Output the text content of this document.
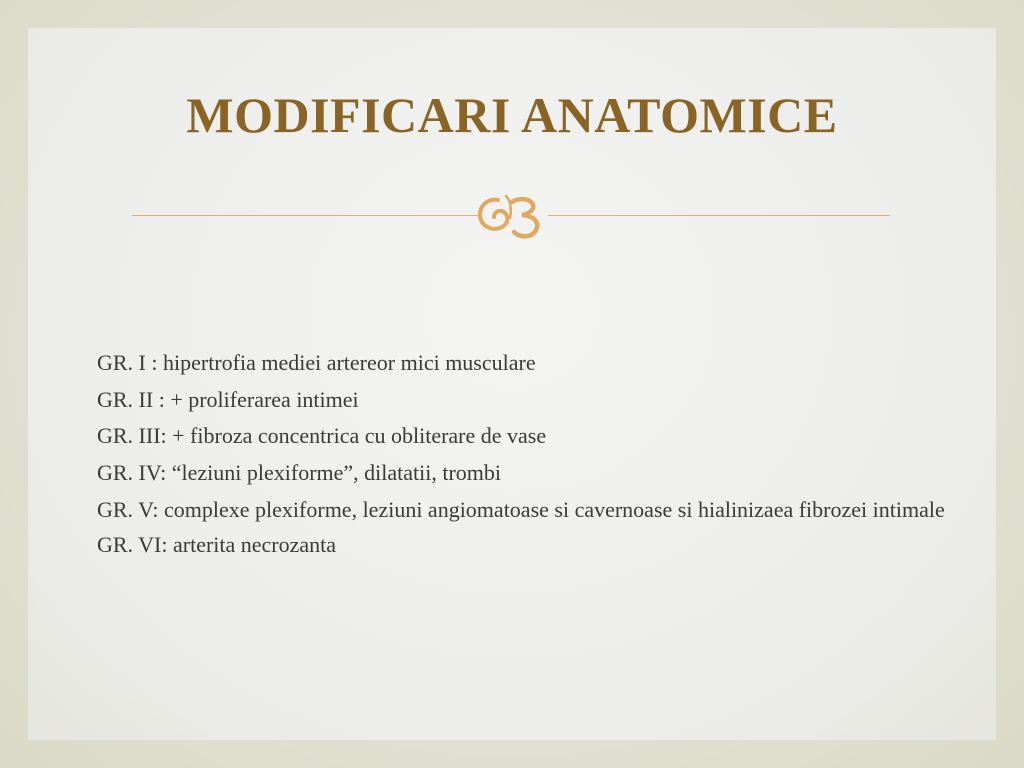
MODIFICARI ANATOMICE

GR. I : hipertrofia mediei artereor mici musculare

GR. II : + proliferarea intimei

GR. III: + fibroza concentrica cu obliterare de vase

GR. IV: “leziuni plexiforme”, dilatatii, trombi

GR. V: complexe plexiforme, leziuni angiomatoase si cavernoase si hialinizaea fibrozei intimale

GR. VI: arterita necrozanta
